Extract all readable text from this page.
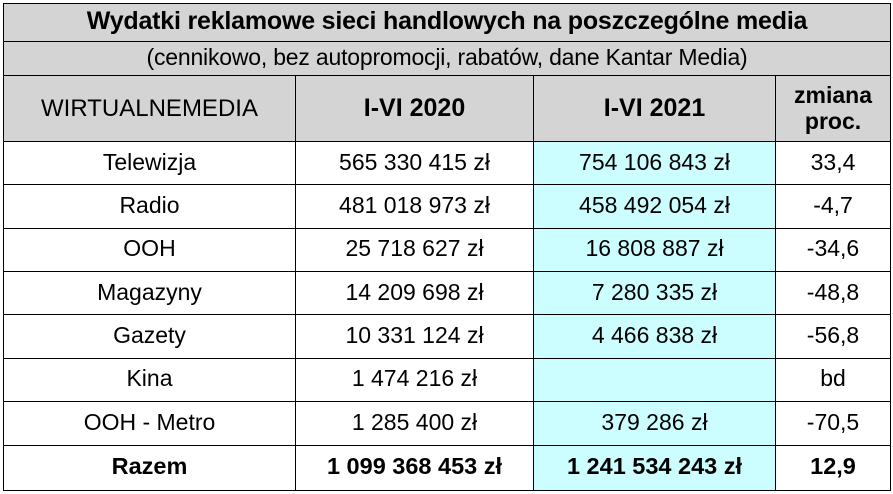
Wydatki reklamowe sieci handlowych na poszczególne media			
(cennikowo, bez autopromocji, rabatów, dane Kantar Media)			
WIRTUALNEMEDIA	I-VI 2020	I-VI 2021	zmiana
proc.

Telewizja	565 330 415 zł	754 106 843 zł	33,4
Radio	481 018 973 zł	458 492 054 zł	-4,7
OOH	25 718 627 zł	16 808 887 zł	-34,6
Magazyny	14 209 698 zł	7 280 335 zł	-48,8
Gazety	10 331 124 zł	4 466 838 zł	-56,8
Kina	1 474 216 zł		bd
OOH - Metro	1 285 400 zł	379 286 zł	-70,5
Razem	1 099 368 453 zł	1 241 534 243 zł	12,9
